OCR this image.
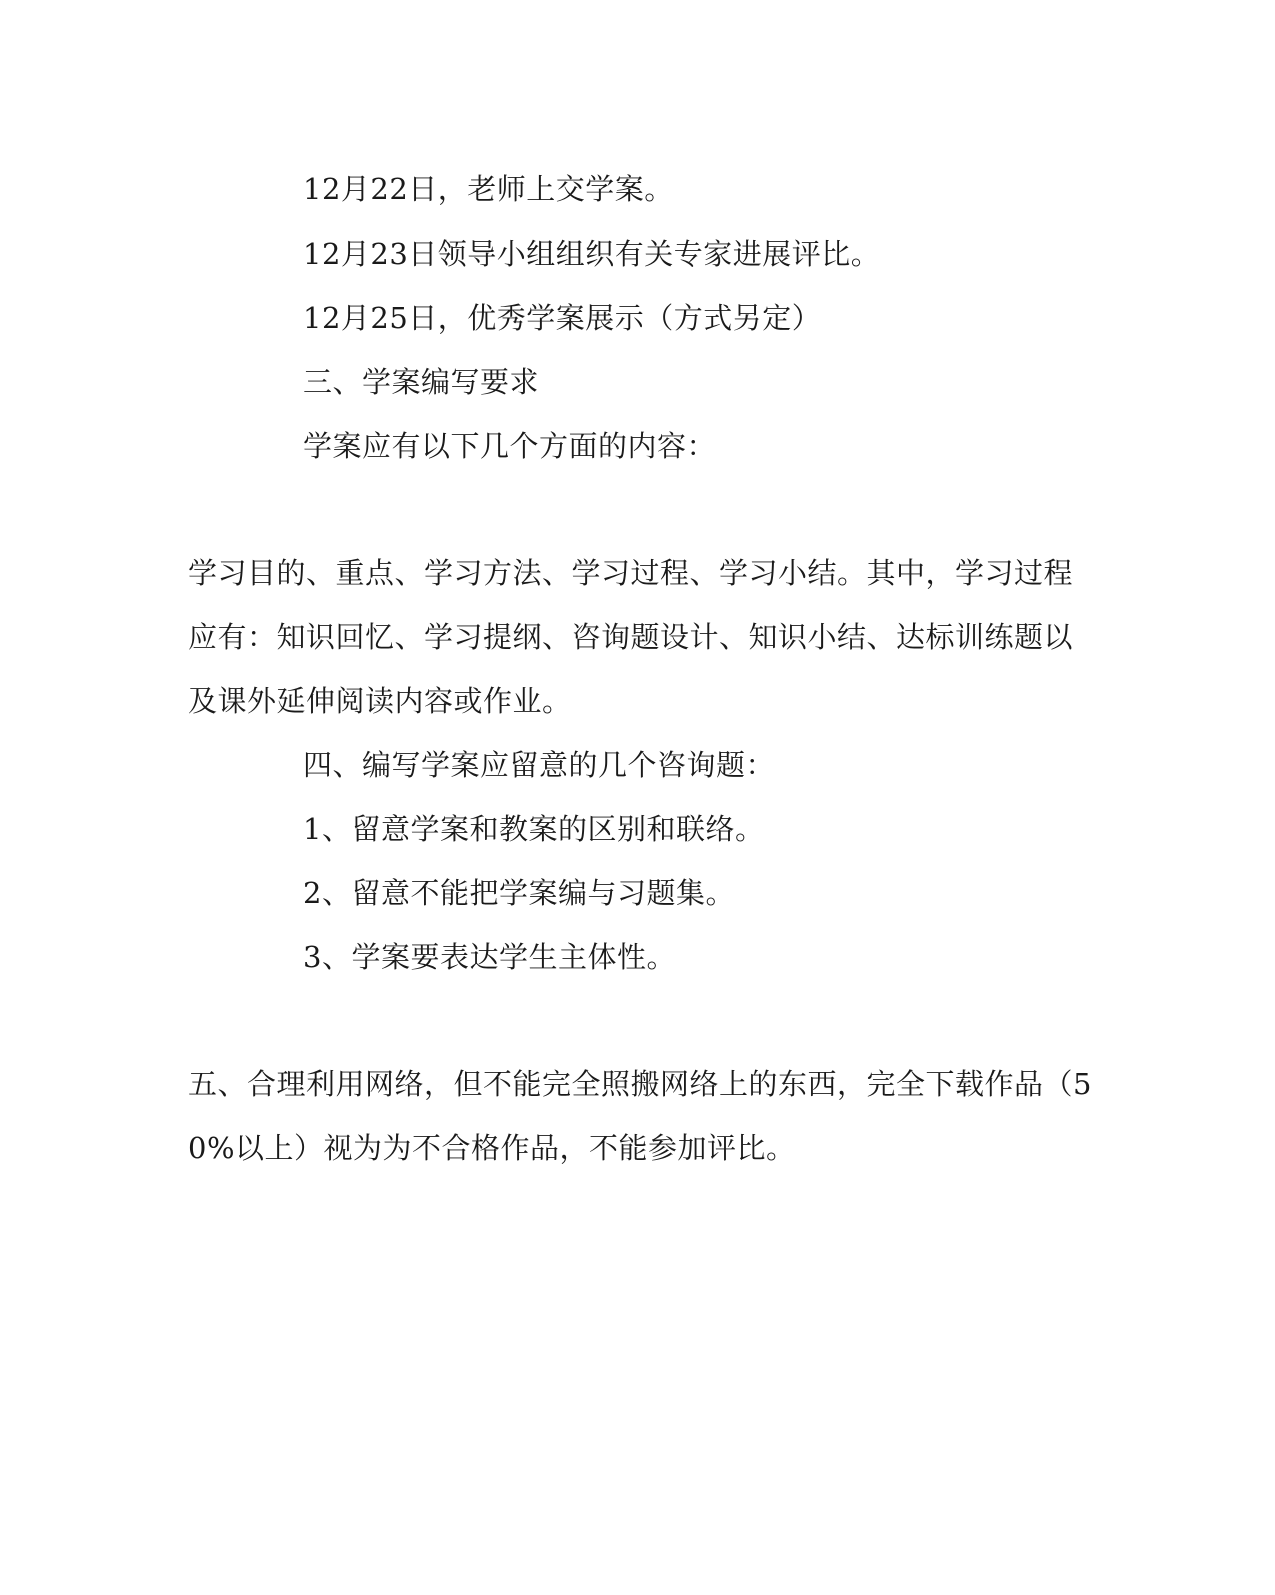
12月22日，老师上交学案。
12月23日领导小组组织有关专家进展评比。
12月25日，优秀学案展示（方式另定）
三、学案编写要求
学案应有以下几个方面的内容：
学习目的、重点、学习方法、学习过程、学习小结。其中，学习过程
应有：知识回忆、学习提纲、咨询题设计、知识小结、达标训练题以
及课外延伸阅读内容或作业。
四、编写学案应留意的几个咨询题：
1、留意学案和教案的区别和联络。
2、留意不能把学案编与习题集。
3、学案要表达学生主体性。
五、合理利用网络，但不能完全照搬网络上的东西，完全下载作品（5
0%以上）视为为不合格作品，不能参加评比。
